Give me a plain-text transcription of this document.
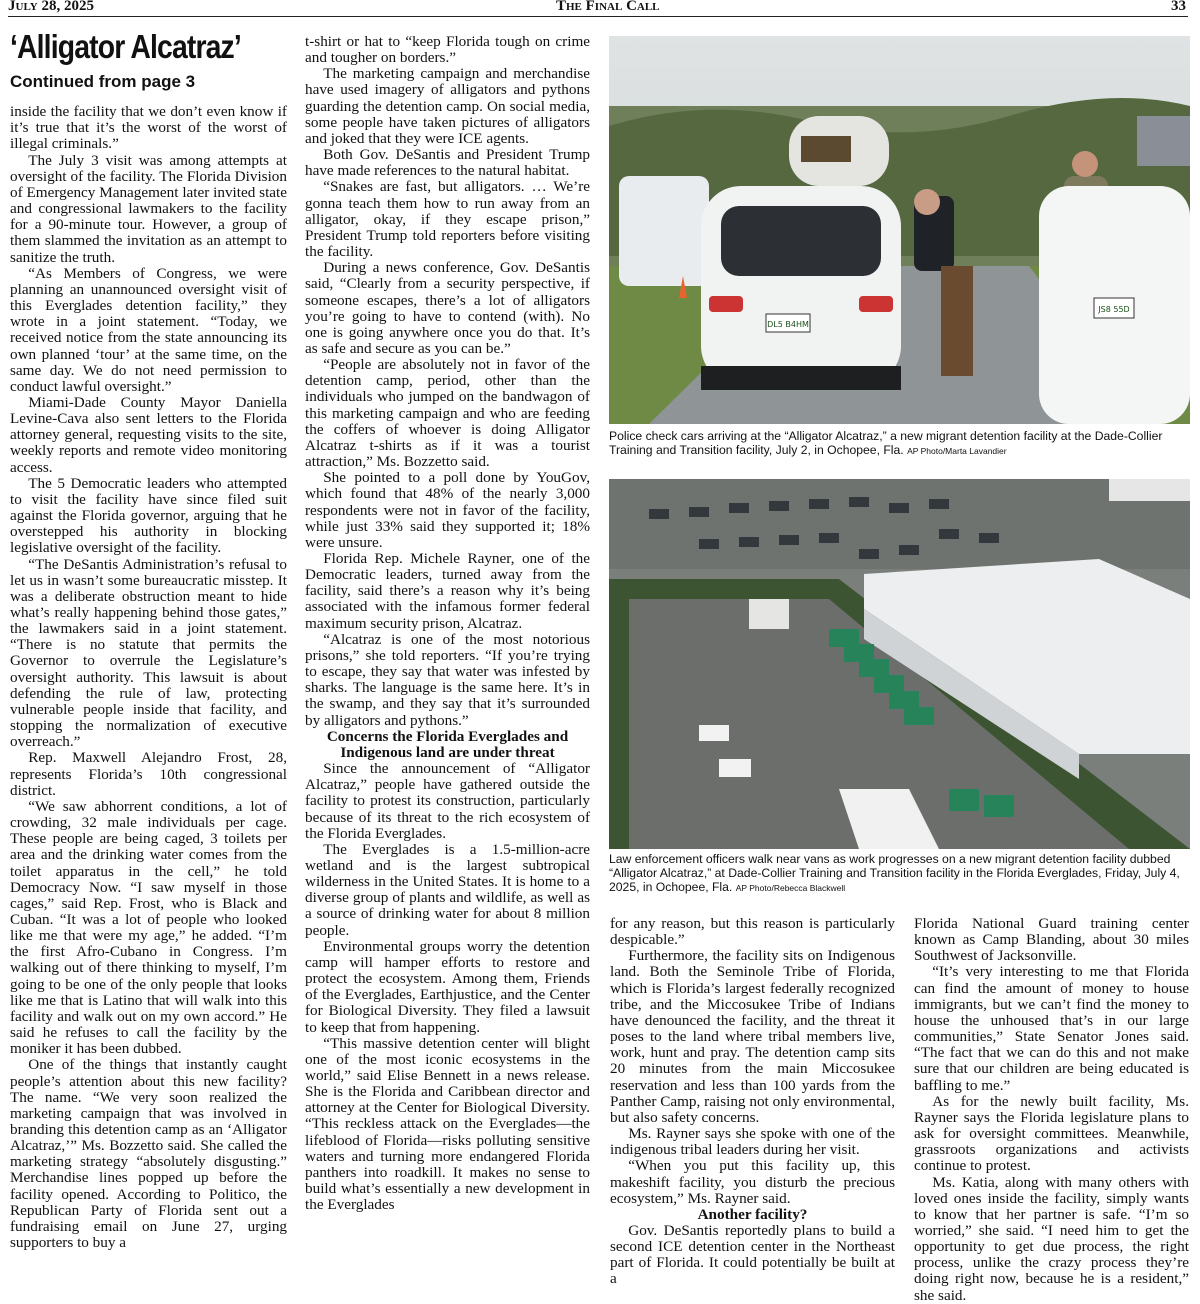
July 28, 2025	The Final Call	33
‘Alligator Alcatraz’
Continued from page 3

inside the facility that we don’t even know if it’s true that it’s the worst of the worst of illegal criminals.”

The July 3 visit was among attempts at oversight of the facility. The Florida Division of Emergency Management later invited state and congressional lawmakers to the facility for a 90-minute tour. However, a group of them slammed the invitation as an attempt to sanitize the truth.

“As Members of Congress, we were planning an unannounced oversight visit of this Everglades detention facility,” they wrote in a joint statement. “Today, we received notice from the state announcing its own planned ‘tour’ at the same time, on the same day. We do not need permission to conduct lawful oversight.”

Miami-Dade County Mayor Daniella Levine-Cava also sent letters to the Florida attorney general, requesting visits to the site, weekly reports and remote video monitoring access.

The 5 Democratic leaders who attempted to visit the facility have since filed suit against the Florida governor, arguing that he overstepped his authority in blocking legislative oversight of the facility.

“The DeSantis Administration’s refusal to let us in wasn’t some bureaucratic misstep. It was a deliberate obstruction meant to hide what’s really happening behind those gates,” the lawmakers said in a joint statement. “There is no statute that permits the Governor to overrule the Legislature’s oversight authority. This lawsuit is about defending the rule of law, protecting vulnerable people inside that facility, and stopping the normalization of executive overreach.”

Rep. Maxwell Alejandro Frost, 28, represents Florida’s 10th congressional district.

“We saw abhorrent conditions, a lot of crowding, 32 male individuals per cage. These people are being caged, 3 toilets per area and the drinking water comes from the toilet apparatus in the cell,” he told Democracy Now. “I saw myself in those cages,” said Rep. Frost, who is Black and Cuban. “It was a lot of people who looked like me that were my age,” he added. “I’m the first Afro-Cubano in Congress. I’m walking out of there thinking to myself, I’m going to be one of the only people that looks like me that is Latino that will walk into this facility and walk out on my own accord.” He said he refuses to call the facility by the moniker it has been dubbed.

One of the things that instantly caught people’s attention about this new facility? The name. “We very soon realized the marketing campaign that was involved in branding this detention camp as an ‘Alligator Alcatraz,’” Ms. Bozzetto said. She called the marketing strategy “absolutely disgusting.” Merchandise lines popped up before the facility opened. According to Politico, the Republican Party of Florida sent out a fundraising email on June 27, urging supporters to buy a

t-shirt or hat to “keep Florida tough on crime and tougher on borders.”

The marketing campaign and merchandise have used imagery of alligators and pythons guarding the detention camp. On social media, some people have taken pictures of alligators and joked that they were ICE agents.

Both Gov. DeSantis and President Trump have made references to the natural habitat.

“Snakes are fast, but alligators. … We’re gonna teach them how to run away from an alligator, okay, if they escape prison,” President Trump told reporters before visiting the facility.

During a news conference, Gov. DeSantis said, “Clearly from a security perspective, if someone escapes, there’s a lot of alligators you’re going to have to contend (with). No one is going anywhere once you do that. It’s as safe and secure as you can be.”

“People are absolutely not in favor of the detention camp, period, other than the individuals who jumped on the bandwagon of this marketing campaign and who are feeding the coffers of whoever is doing Alligator Alcatraz t-shirts as if it was a tourist attraction,” Ms. Bozzetto said.

She pointed to a poll done by YouGov, which found that 48% of the nearly 3,000 respondents were not in favor of the facility, while just 33% said they supported it; 18% were unsure.

Florida Rep. Michele Rayner, one of the Democratic leaders, turned away from the facility, said there’s a reason why it’s being associated with the infamous former federal maximum security prison, Alcatraz.

“Alcatraz is one of the most notorious prisons,” she told reporters. “If you’re trying to escape, they say that water was infested by sharks. The language is the same here. It’s in the swamp, and they say that it’s surrounded by alligators and pythons.”

Concerns the Florida Everglades and Indigenous land are under threat

Since the announcement of “Alligator Alcatraz,” people have gathered outside the facility to protest its construction, particularly because of its threat to the rich ecosystem of the Florida Everglades.

The Everglades is a 1.5-million-acre wetland and is the largest subtropical wilderness in the United States. It is home to a diverse group of plants and wildlife, as well as a source of drinking water for about 8 million people.

Environmental groups worry the detention camp will hamper efforts to restore and protect the ecosystem. Among them, Friends of the Everglades, Earthjustice, and the Center for Biological Diversity. They filed a lawsuit to keep that from happening.

“This massive detention center will blight one of the most iconic ecosystems in the world,” said Elise Bennett in a news release. She is the Florida and Caribbean director and attorney at the Center for Biological Diversity. “This reckless attack on the Everglades—the lifeblood of Florida—risks polluting sensitive waters and turning more endangered Florida panthers into roadkill. It makes no sense to build what’s essentially a new development in the Everglades

DL5 B4HM
JS8 55D
Police check cars arriving at the “Alligator Alcatraz,” a new migrant detention facility at the Dade-Collier Training and Transition facility, July 2, in Ochopee, Fla. AP Photo/Marta Lavandier
Law enforcement officers walk near vans as work progresses on a new migrant detention facility dubbed “Alligator Alcatraz,” at Dade-Collier Training and Transition facility in the Florida Everglades, Friday, July 4, 2025, in Ochopee, Fla. AP Photo/Rebecca Blackwell

for any reason, but this reason is particularly despicable.”

Furthermore, the facility sits on Indigenous land. Both the Seminole Tribe of Florida, which is Florida’s largest federally recognized tribe, and the Miccosukee Tribe of Indians have denounced the facility, and the threat it poses to the land where tribal members live, work, hunt and pray. The detention camp sits 20 minutes from the main Miccosukee reservation and less than 100 yards from the Panther Camp, raising not only environmental, but also safety concerns.

Ms. Rayner says she spoke with one of the indigenous tribal leaders during her visit.

“When you put this facility up, this makeshift facility, you disturb the precious ecosystem,” Ms. Rayner said.

Another facility?

Gov. DeSantis reportedly plans to build a second ICE detention center in the Northeast part of Florida. It could potentially be built at a

Florida National Guard training center known as Camp Blanding, about 30 miles Southwest of Jacksonville.

“It’s very interesting to me that Florida can find the amount of money to house immigrants, but we can’t find the money to house the unhoused that’s in our large communities,” State Senator Jones said. “The fact that we can do this and not make sure that our children are being educated is baffling to me.”

As for the newly built facility, Ms. Rayner says the Florida legislature plans to ask for oversight committees. Meanwhile, grassroots organizations and activists continue to protest.

Ms. Katia, along with many others with loved ones inside the facility, simply wants to know that her partner is safe. “I’m so worried,” she said. “I need him to get the opportunity to get due process, the right process, unlike the crazy process they’re doing right now, because he is a resident,” she said.
